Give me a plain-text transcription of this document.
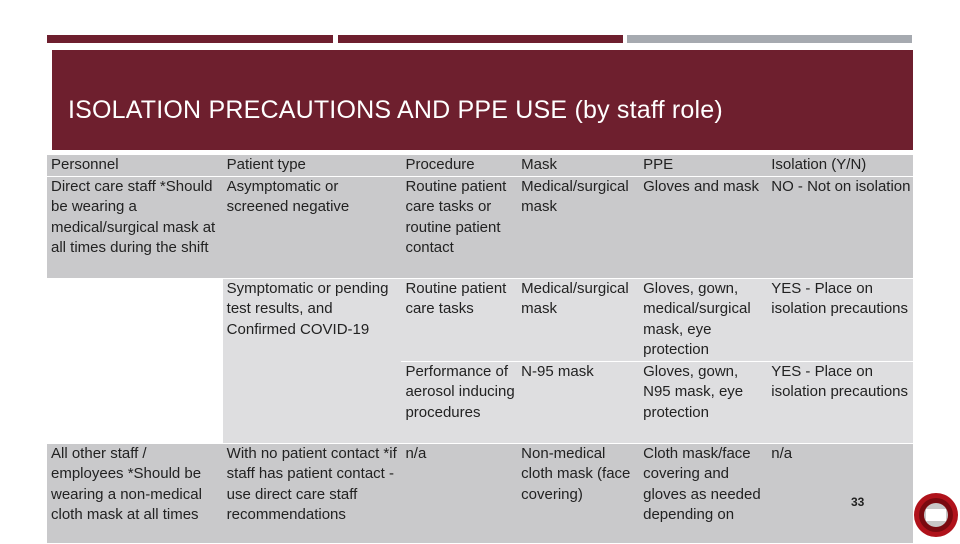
ISOLATION PRECAUTIONS AND PPE USE (by staff role)
Personnel	Patient type	Procedure	Mask	PPE	Isolation (Y/N)
Direct care staff *Should be wearing a medical/surgical mask at all times during the shift	Asymptomatic or screened negative	Routine patient care tasks or routine patient contact	Medical/surgical mask	Gloves and mask	NO - Not on isolation
	Symptomatic or pending test results, and Confirmed COVID-19	Routine patient care tasks	Medical/surgical mask	Gloves, gown, medical/surgical mask, eye protection	YES - Place on isolation precautions
		Performance of aerosol inducing procedures	N-95 mask	Gloves, gown, N95 mask, eye protection	YES - Place on isolation precautions
All other staff / employees *Should be wearing a non-medical cloth mask at all times	With no patient contact *if staff has patient contact - use direct care staff recommendations	n/a	Non-medical cloth mask (face covering)	Cloth mask/face covering and gloves as needed depending on	n/a
33
